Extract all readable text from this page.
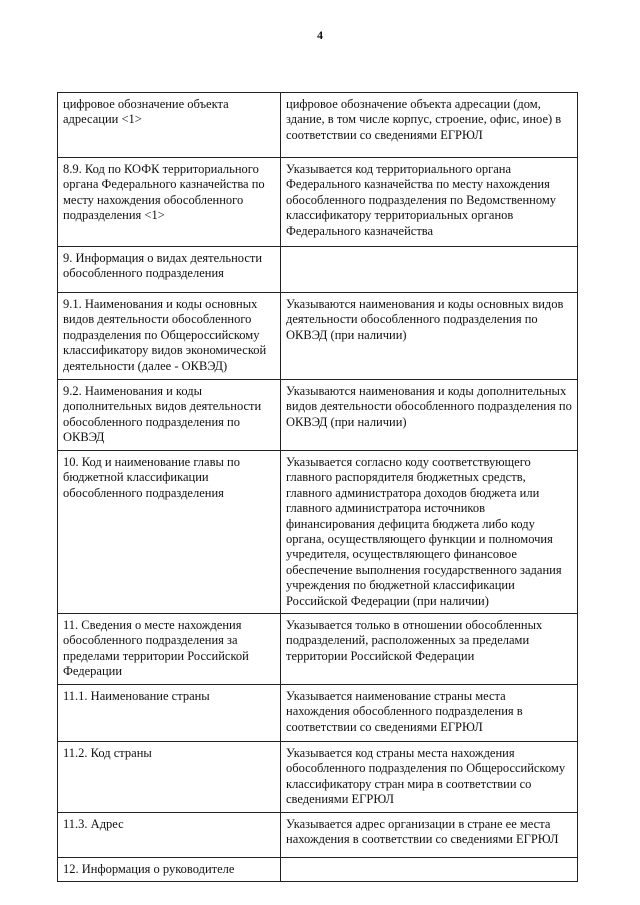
4
цифровое обозначение объекта адресации <1>	цифровое обозначение объекта адресации (дом, здание, в том числе корпус, строение, офис, иное) в соответствии со сведениями ЕГРЮЛ
8.9. Код по КОФК территориального органа Федерального казначейства по месту нахождения обособленного подразделения <1>	Указывается код территориального органа Федерального казначейства по месту нахождения обособленного подразделения по Ведомственному классификатору территориальных органов Федерального казначейства
9. Информация о видах деятельности обособленного подразделения	
9.1. Наименования и коды основных видов деятельности обособленного подразделения по Общероссийскому классификатору видов экономической деятельности (далее - ОКВЭД)	Указываются наименования и коды основных видов деятельности обособленного подразделения по ОКВЭД (при наличии)
9.2. Наименования и коды дополнительных видов деятельности обособленного подразделения по ОКВЭД	Указываются наименования и коды дополнительных видов деятельности обособленного подразделения по ОКВЭД (при наличии)
10. Код и наименование главы по бюджетной классификации обособленного подразделения	Указывается согласно коду соответствующего главного распорядителя бюджетных средств, главного администратора доходов бюджета или главного администратора источников финансирования дефицита бюджета либо коду органа, осуществляющего функции и полномочия учредителя, осуществляющего финансовое обеспечение выполнения государственного задания учреждения по бюджетной классификации Российской Федерации (при наличии)
11. Сведения о месте нахождения обособленного подразделения за пределами территории Российской Федерации	Указывается только в отношении обособленных подразделений, расположенных за пределами территории Российской Федерации
11.1. Наименование страны	Указывается наименование страны места нахождения обособленного подразделения в соответствии со сведениями ЕГРЮЛ
11.2. Код страны	Указывается код страны места нахождения обособленного подразделения по Общероссийскому классификатору стран мира в соответствии со сведениями ЕГРЮЛ
11.3. Адрес	Указывается адрес организации в стране ее места нахождения в соответствии со сведениями ЕГРЮЛ
12. Информация о руководителе	
